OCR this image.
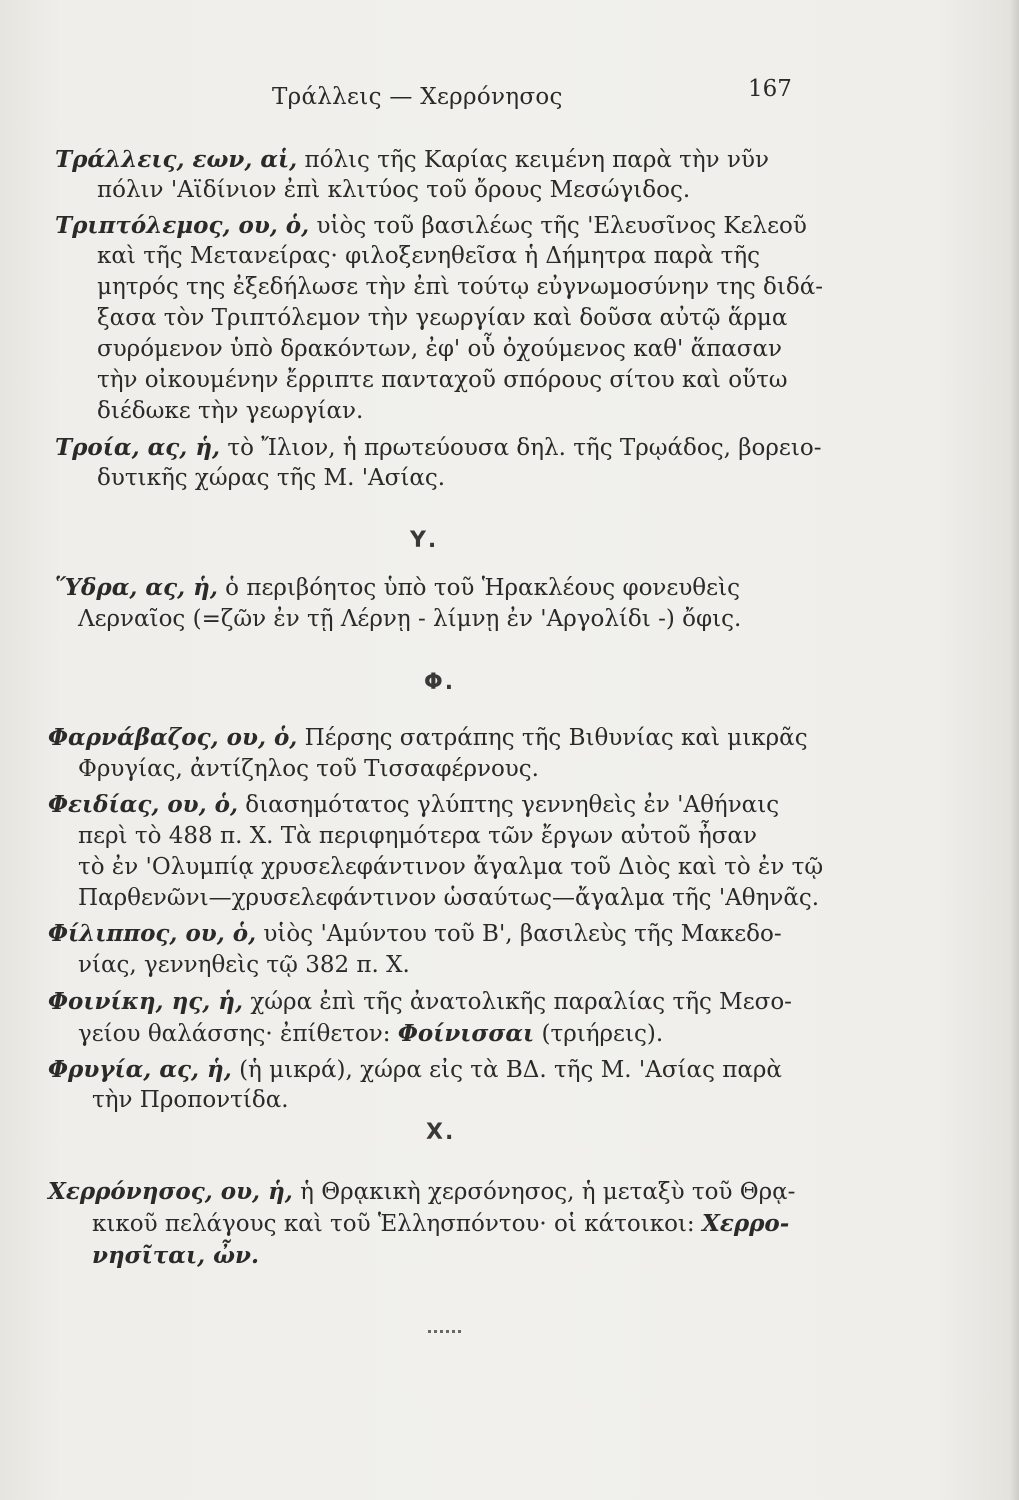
Τράλλεις — Χερρόνησος	167
Τράλλεις, εων, αἱ, πόλις τῆς Καρίας κειμένη παρὰ τὴν νῦν
πόλιν 'Αϊδίνιον ἐπὶ κλιτύος τοῦ ὄρους Μεσώγιδος.
Τριπτόλεμος, ου, ὁ, υἱὸς τοῦ βασιλέως τῆς 'Ελευσῖνος Κελεοῦ
καὶ τῆς Μετανείρας· φιλοξενηθεῖσα ἡ Δήμητρα παρὰ τῆς
μητρός της ἐξεδήλωσε τὴν ἐπὶ τούτῳ εὐγνωμοσύνην της διδά-
ξασα τὸν Τριπτόλεμον τὴν γεωργίαν καὶ δοῦσα αὐτῷ ἅρμα
συρόμενον ὑπὸ δρακόντων, ἐφ' οὗ ὀχούμενος καθ' ἅπασαν
τὴν οἰκουμένην ἔρριπτε πανταχοῦ σπόρους σίτου καὶ οὕτω
διέδωκε τὴν γεωργίαν.
Τροία, ας, ἡ, τὸ Ἴλιον, ἡ πρωτεύουσα δηλ. τῆς Τρῳάδος, βορειο-
δυτικῆς χώρας τῆς Μ. 'Ασίας.
Υ.
Ὕδρα, ας, ἡ, ὁ περιβόητος ὑπὸ τοῦ Ἡρακλέους φονευθεὶς
Λερναῖος (=ζῶν ἐν τῇ Λέρνῃ - λίμνῃ ἐν 'Αργολίδι -) ὄφις.
Φ.
Φαρνάβαζος, ου, ὁ, Πέρσης σατράπης τῆς Βιθυνίας καὶ μικρᾶς
Φρυγίας, ἀντίζηλος τοῦ Τισσαφέρνους.
Φειδίας, ου, ὁ, διασημότατος γλύπτης γεννηθεὶς ἐν 'Αθήναις
περὶ τὸ 488 π. Χ. Τὰ περιφημότερα τῶν ἔργων αὐτοῦ ἦσαν
τὸ ἐν 'Ολυμπίᾳ χρυσελεφάντινον ἄγαλμα τοῦ Διὸς καὶ τὸ ἐν τῷ
Παρθενῶνι—χρυσελεφάντινον ὡσαύτως—ἄγαλμα τῆς 'Αθηνᾶς.
Φίλιππος, ου, ὁ, υἱὸς 'Αμύντου τοῦ Β', βασιλεὺς τῆς Μακεδο-
νίας, γεννηθεὶς τῷ 382 π. Χ.
Φοινίκη, ης, ἡ, χώρα ἐπὶ τῆς ἀνατολικῆς παραλίας τῆς Μεσο-
γείου θαλάσσης· ἐπίθετον: Φοίνισσαι (τριήρεις).
Φρυγία, ας, ἡ, (ἡ μικρά), χώρα εἰς τὰ ΒΔ. τῆς Μ. 'Ασίας παρὰ
τὴν Προποντίδα.
Χ.
Χερρόνησος, ου, ἡ, ἡ Θρᾳκικὴ χερσόνησος, ἡ μεταξὺ τοῦ Θρᾳ-
κικοῦ πελάγους καὶ τοῦ Ἑλλησπόντου· οἱ κάτοικοι: Χερρο-
νησῖται, ὦν.
